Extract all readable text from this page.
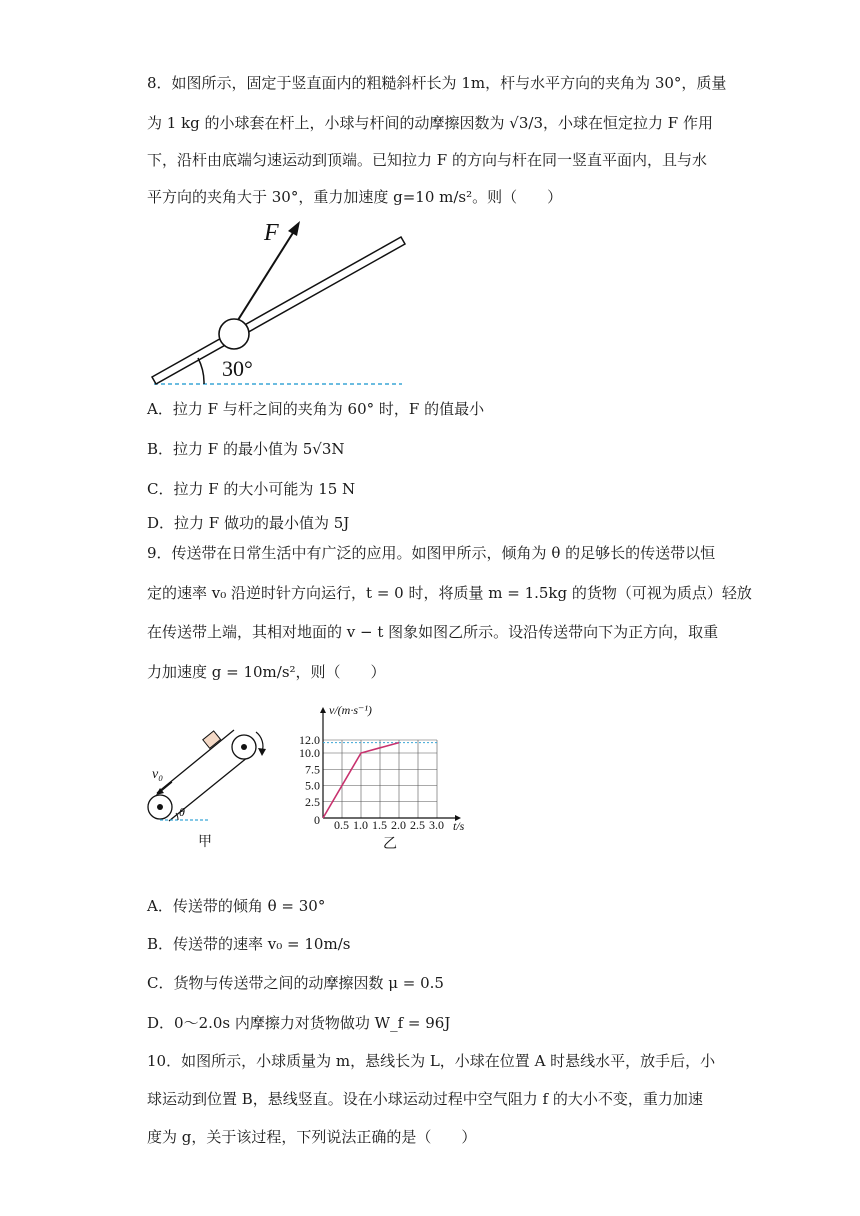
8．如图所示，固定于竖直面内的粗糙斜杆长为 1m，杆与水平方向的夹角为 30°，质量
为 1 kg 的小球套在杆上，小球与杆间的动摩擦因数为 √3/3，小球在恒定拉力 F 作用
下，沿杆由底端匀速运动到顶端。已知拉力 F 的方向与杆在同一竖直平面内，且与水
平方向的夹角大于 30°，重力加速度 g=10 m/s²。则（　　）
30°
F
A．拉力 F 与杆之间的夹角为 60° 时，F 的值最小
B．拉力 F 的最小值为 5√3N
C．拉力 F 的大小可能为 15 N
D．拉力 F 做功的最小值为 5J
9．传送带在日常生活中有广泛的应用。如图甲所示，倾角为 θ 的足够长的传送带以恒
定的速率 v₀ 沿逆时针方向运行，t = 0 时，将质量 m = 1.5kg 的货物（可视为质点）轻放
在传送带上端，其相对地面的 v − t 图象如图乙所示。设沿传送带向下为正方向，取重
力加速度 g = 10m/s²，则（　　）
v₀
θ
甲
0.5 1.0 1.5 2.0 2.5 3.0
2.5
5.0
7.5
10.0
12.0
0
v/(m·s⁻¹)
t/s
乙
A．传送带的倾角 θ = 30°
B．传送带的速率 v₀ = 10m/s
C．货物与传送带之间的动摩擦因数 μ = 0.5
D．0～2.0s 内摩擦力对货物做功 W_f = 96J
10．如图所示，小球质量为 m，悬线长为 L，小球在位置 A 时悬线水平，放手后，小
球运动到位置 B，悬线竖直。设在小球运动过程中空气阻力 f 的大小不变，重力加速
度为 g，关于该过程，下列说法正确的是（　　）
